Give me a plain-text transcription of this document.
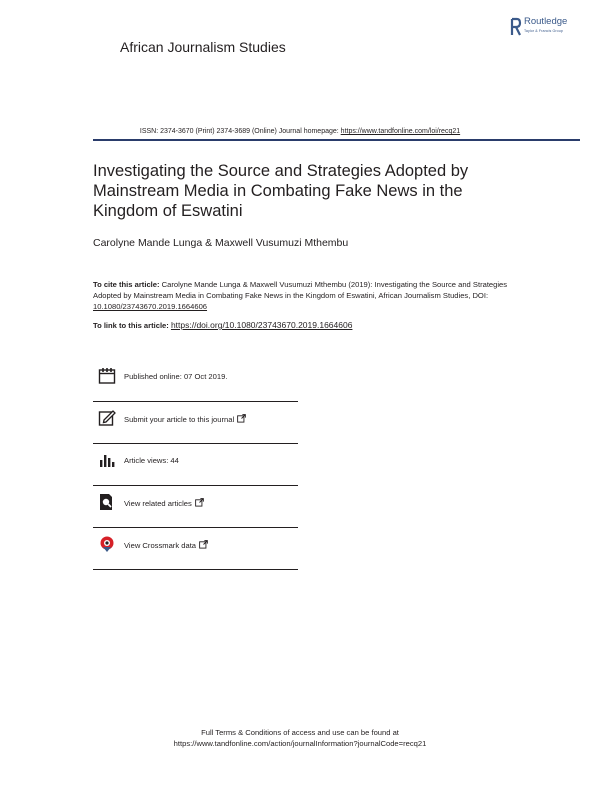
African Journalism Studies
Routledge
Taylor & Francis Group
ISSN: 2374-3670 (Print) 2374-3689 (Online) Journal homepage: https://www.tandfonline.com/loi/recq21
Investigating the Source and Strategies Adopted by Mainstream Media in Combating Fake News in the Kingdom of Eswatini
Carolyne Mande Lunga & Maxwell Vusumuzi Mthembu
To cite this article: Carolyne Mande Lunga & Maxwell Vusumuzi Mthembu (2019): Investigating the Source and Strategies Adopted by Mainstream Media in Combating Fake News in the Kingdom of Eswatini, African Journalism Studies, DOI: 10.1080/23743670.2019.1664606
To link to this article: https://doi.org/10.1080/23743670.2019.1664606
Published online: 07 Oct 2019.
Submit your article to this journal
Article views: 44
View related articles
View Crossmark data
Full Terms & Conditions of access and use can be found at
https://www.tandfonline.com/action/journalInformation?journalCode=recq21
